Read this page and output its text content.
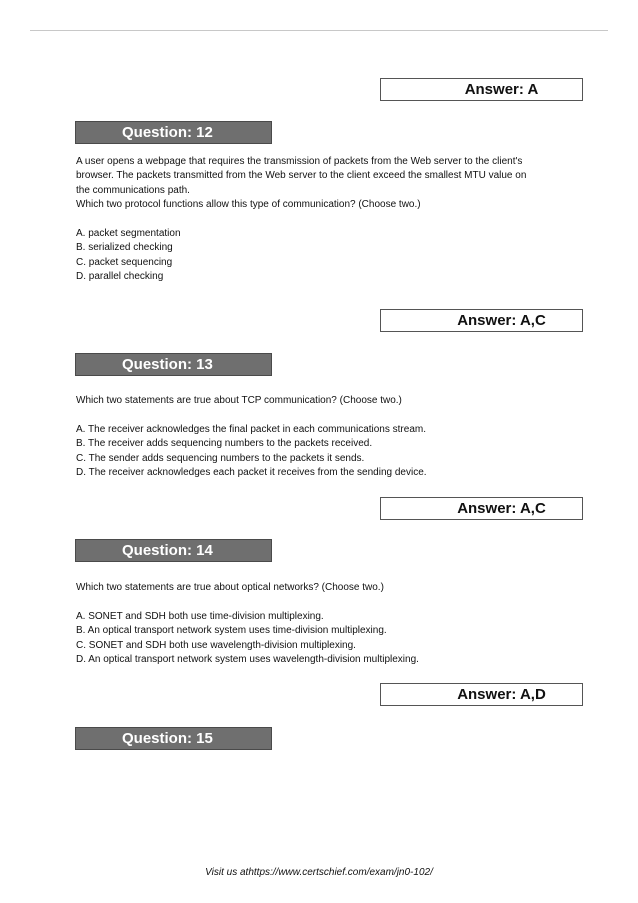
Answer: A
Question: 12

A user opens a webpage that requires the transmission of packets from the Web server to the client's

browser. The packets transmitted from the Web server to the client exceed the smallest MTU value on

the communications path.

Which two protocol functions allow this type of communication? (Choose two.)

A. packet segmentation

B. serialized checking

C. packet sequencing

D. parallel checking

Answer: A,C
Question: 13

Which two statements are true about TCP communication? (Choose two.)

A. The receiver acknowledges the final packet in each communications stream.

B. The receiver adds sequencing numbers to the packets received.

C. The sender adds sequencing numbers to the packets it sends.

D. The receiver acknowledges each packet it receives from the sending device.

Answer: A,C
Question: 14

Which two statements are true about optical networks? (Choose two.)

A. SONET and SDH both use time-division multiplexing.

B. An optical transport network system uses time-division multiplexing.

C. SONET and SDH both use wavelength-division multiplexing.

D. An optical transport network system uses wavelength-division multiplexing.

Answer: A,D
Question: 15
Visit us athttps://www.certschief.com/exam/jn0-102/
